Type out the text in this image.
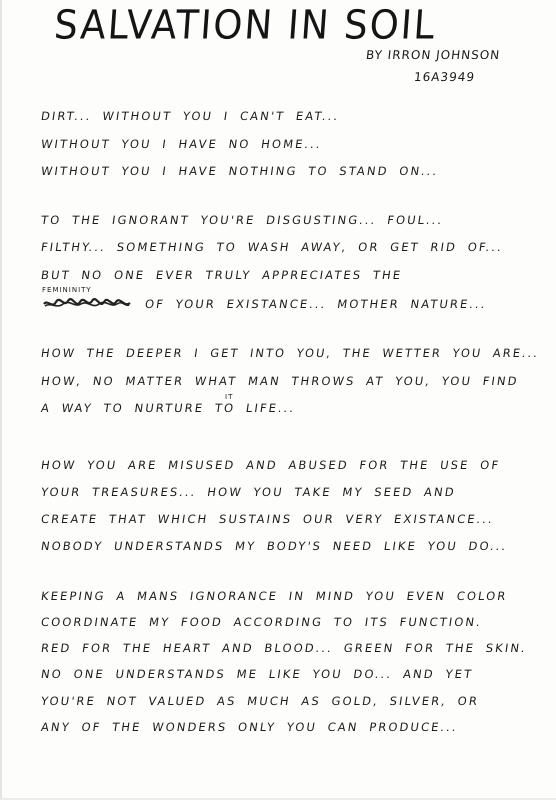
SALVATION IN SOIL
BY IRRON JOHNSON
16A3949
DIRT... WITHOUT YOU I CAN'T EAT...
WITHOUT YOU I HAVE NO HOME...
WITHOUT YOU I HAVE NOTHING TO STAND ON...
TO THE IGNORANT YOU'RE DISGUSTING... FOUL...
FILTHY... SOMETHING TO WASH AWAY, OR GET RID OF...
BUT NO ONE EVER TRULY APPRECIATES THE
FEMININITY
OF YOUR EXISTANCE... MOTHER NATURE...
HOW THE DEEPER I GET INTO YOU, THE WETTER YOU ARE...
HOW, NO MATTER WHAT MAN THROWS AT YOU, YOU FIND
IT
A WAY TO NURTURE TO LIFE...
HOW YOU ARE MISUSED AND ABUSED FOR THE USE OF
YOUR TREASURES... HOW YOU TAKE MY SEED AND
CREATE THAT WHICH SUSTAINS OUR VERY EXISTANCE...
NOBODY UNDERSTANDS MY BODY'S NEED LIKE YOU DO...
KEEPING A MANS IGNORANCE IN MIND YOU EVEN COLOR
COORDINATE MY FOOD ACCORDING TO ITS FUNCTION.
RED FOR THE HEART AND BLOOD... GREEN FOR THE SKIN.
NO ONE UNDERSTANDS ME LIKE YOU DO... AND YET
YOU'RE NOT VALUED AS MUCH AS GOLD, SILVER, OR
ANY OF THE WONDERS ONLY YOU CAN PRODUCE...
